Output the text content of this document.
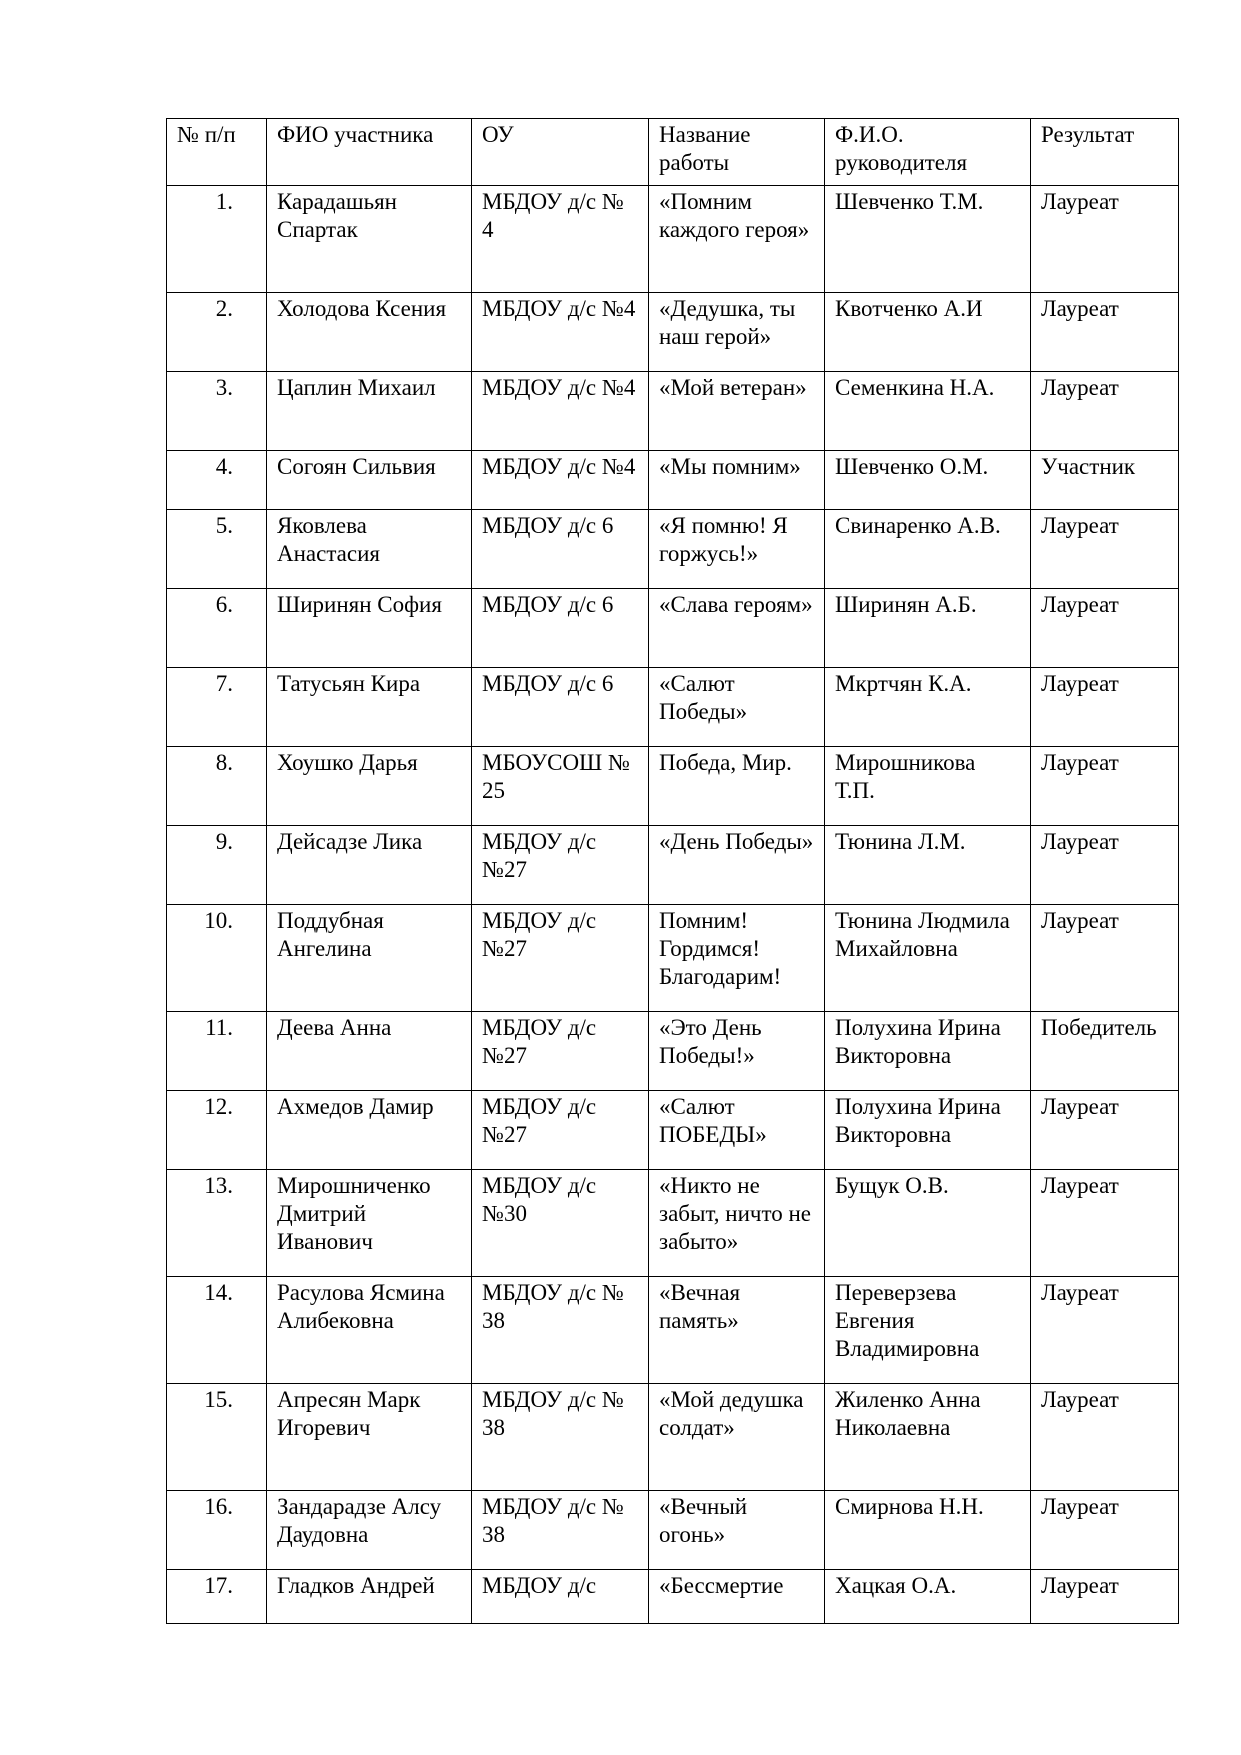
№ п/п	ФИО участника	ОУ	Название работы	Ф.И.О. руководителя	Результат
1.	Карадашьян Спартак	МБДОУ д/с № 4	«Помним каждого героя»	Шевченко Т.М.	Лауреат
2.	Холодова Ксения	МБДОУ д/с №4	«Дедушка, ты наш герой»	Квотченко А.И	Лауреат
3.	Цаплин Михаил	МБДОУ д/с №4	«Мой ветеран»	Семенкина Н.А.	Лауреат
4.	Согоян Сильвия	МБДОУ д/с №4	«Мы помним»	Шевченко О.М.	Участник
5.	Яковлева Анастасия	МБДОУ д/с 6	«Я помню! Я горжусь!»	Свинаренко А.В.	Лауреат
6.	Ширинян София	МБДОУ д/с 6	«Слава героям»	Ширинян А.Б.	Лауреат
7.	Татусьян Кира	МБДОУ д/с 6	«Салют Победы»	Мкртчян К.А.	Лауреат
8.	Хоушко Дарья	МБОУСОШ № 25	Победа, Мир.	Мирошникова Т.П.	Лауреат
9.	Дейсадзе Лика	МБДОУ д/с №27	«День Победы»	Тюнина Л.М.	Лауреат
10.	Поддубная Ангелина	МБДОУ д/с №27	Помним! Гордимся! Благодарим!	Тюнина Людмила Михайловна	Лауреат
11.	Деева Анна	МБДОУ д/с №27	«Это День Победы!»	Полухина Ирина Викторовна	Победитель
12.	Ахмедов Дамир	МБДОУ д/с №27	«Салют ПОБЕДЫ»	Полухина Ирина Викторовна	Лауреат
13.	Мирошниченко Дмитрий Иванович	МБДОУ д/с №30	«Никто не забыт, ничто не забыто»	Бущук О.В.	Лауреат
14.	Расулова Ясмина Алибековна	МБДОУ д/с № 38	«Вечная память»	Переверзева Евгения Владимировна	Лауреат
15.	Апресян Марк Игоревич	МБДОУ д/с № 38	«Мой дедушка солдат»	Жиленко Анна Николаевна	Лауреат
16.	Зандарадзе Алсу Даудовна	МБДОУ д/с № 38	«Вечный огонь»	Смирнова Н.Н.	Лауреат
17.	Гладков Андрей	МБДОУ д/с	«Бессмертие	Хацкая О.А.	Лауреат
